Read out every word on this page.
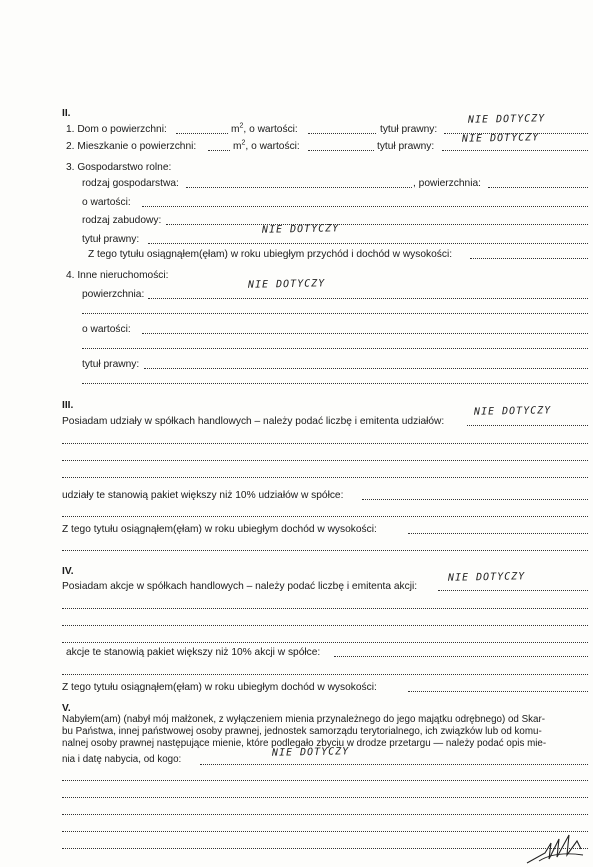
II.
1. Dom o powierzchni:	$m^2$, o wartości:	tytuł prawny:
NIE DOTYCZY
2. Mieszkanie o powierzchni:	$m^2$, o wartości:	tytuł prawny:
NIE DOTYCZY
3. Gospodarstwo rolne:
rodzaj gospodarstwa:	, powierzchnia:
o wartości:
rodzaj zabudowy:
tytuł prawny:
NIE DOTYCZY
Z tego tytułu osiągnąłem(ęłam) w roku ubiegłym przychód i dochód w wysokości:
4. Inne nieruchomości:
powierzchnia:
NIE DOTYCZY
o wartości:
tytuł prawny:
III.
Posiadam udziały w spółkach handlowych – należy podać liczbę i emitenta udziałów:
NIE DOTYCZY
udziały te stanowią pakiet większy niż 10% udziałów w spółce:
Z tego tytułu osiągnąłem(ęłam) w roku ubiegłym dochód w wysokości:
IV.
Posiadam akcje w spółkach handlowych – należy podać liczbę i emitenta akcji:
NIE DOTYCZY
akcje te stanowią pakiet większy niż 10% akcji w spółce:
Z tego tytułu osiągnąłem(ęłam) w roku ubiegłym dochód w wysokości:
V.
Nabyłem(am) (nabył mój małżonek, z wyłączeniem mienia przynależnego do jego majątku odrębnego) od Skar-
bu Państwa, innej państwowej osoby prawnej, jednostek samorządu terytorialnego, ich związków lub od komu-
nalnej osoby prawnej następujące mienie, które podlegało zbyciu w drodze przetargu — należy podać opis mie-
nia i datę nabycia, od kogo:
NIE DOTYCZY
